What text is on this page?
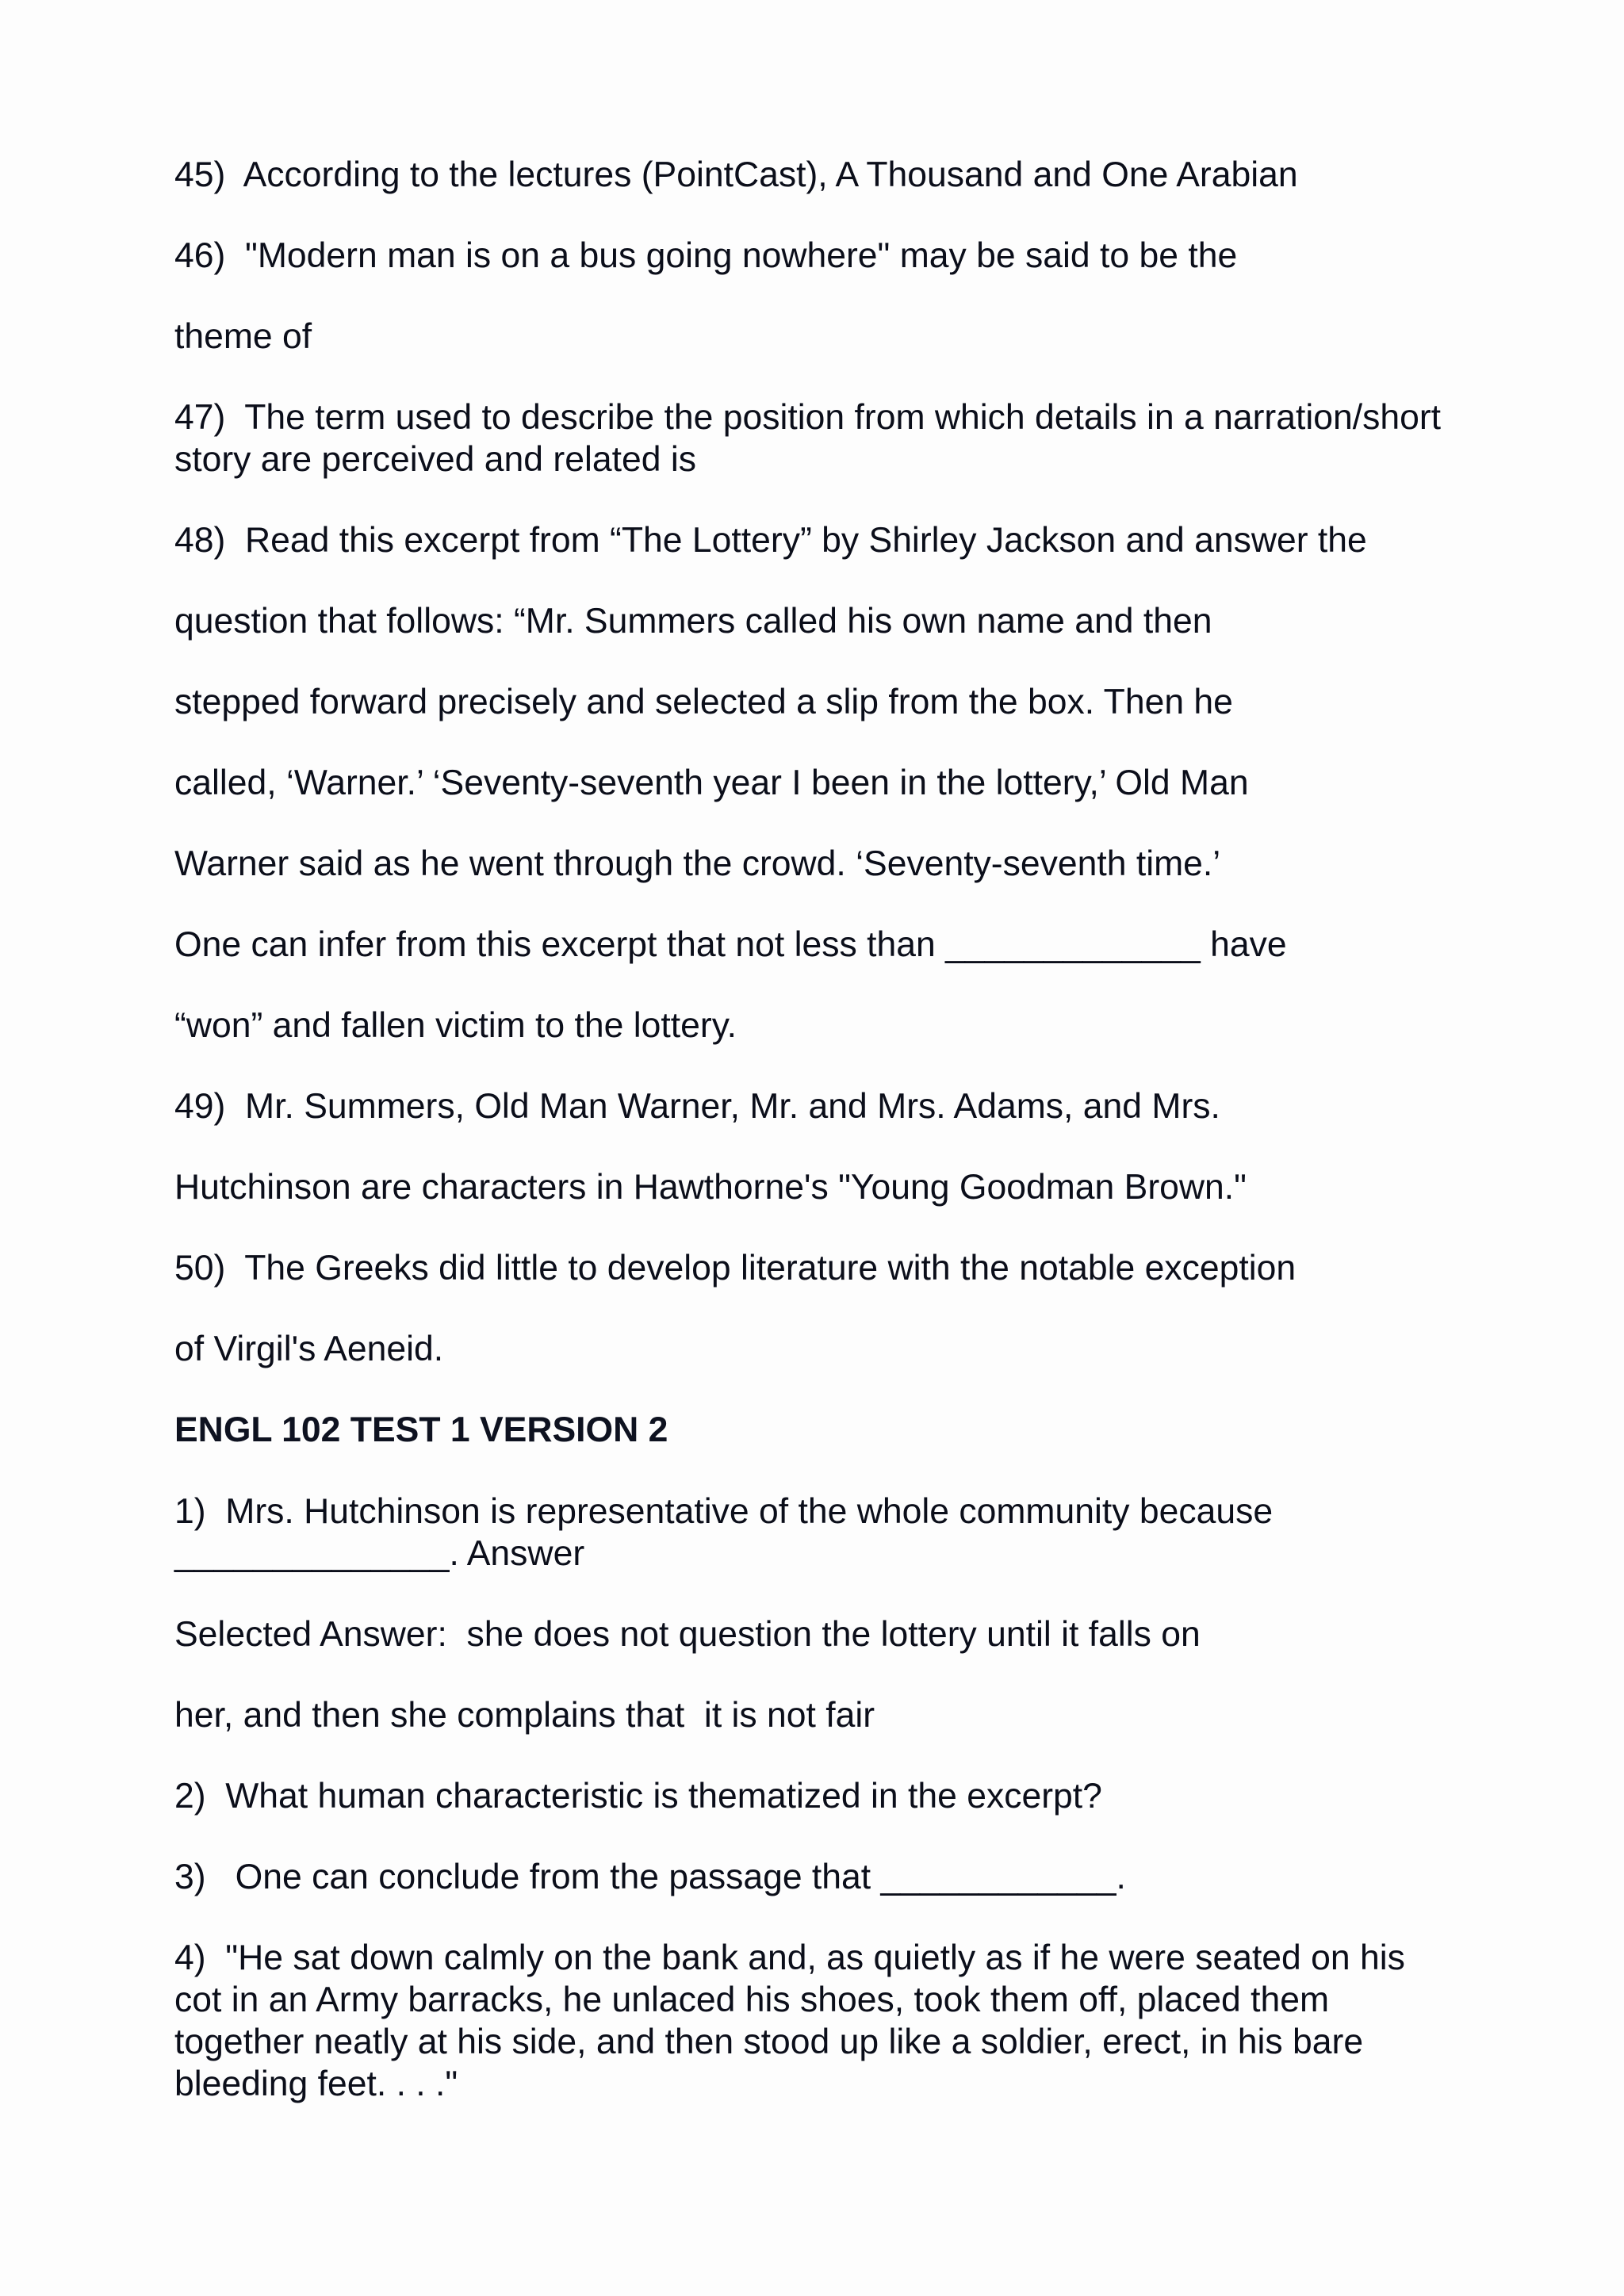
45)  According to the lectures (PointCast), A Thousand and One Arabian

46)  "Modern man is on a bus going nowhere" may be said to be the

theme of

47)  The term used to describe the position from which details in a narration/short

story are perceived and related is

48)  Read this excerpt from “The Lottery” by Shirley Jackson and answer the

question that follows: “Mr. Summers called his own name and then

stepped forward precisely and selected a slip from the box. Then he

called, ‘Warner.’ ‘Seventy-seventh year I been in the lottery,’ Old Man

Warner said as he went through the crowd. ‘Seventy-seventh time.’

One can infer from this excerpt that not less than _____________ have

“won” and fallen victim to the lottery.

49)  Mr. Summers, Old Man Warner, Mr. and Mrs. Adams, and Mrs.

Hutchinson are characters in Hawthorne's "Young Goodman Brown."

50)  The Greeks did little to develop literature with the notable exception

of Virgil's Aeneid.

ENGL 102 TEST 1 VERSION 2

1)  Mrs. Hutchinson is representative of the whole community because

______________. Answer

Selected Answer:  she does not question the lottery until it falls on

her, and then she complains that  it is not fair

2)  What human characteristic is thematized in the excerpt?

3)   One can conclude from the passage that ____________.

4)  "He sat down calmly on the bank and, as quietly as if he were seated on his

cot in an Army barracks, he unlaced his shoes, took them off, placed them

together neatly at his side, and then stood up like a soldier, erect, in his bare

bleeding feet. . . ."
